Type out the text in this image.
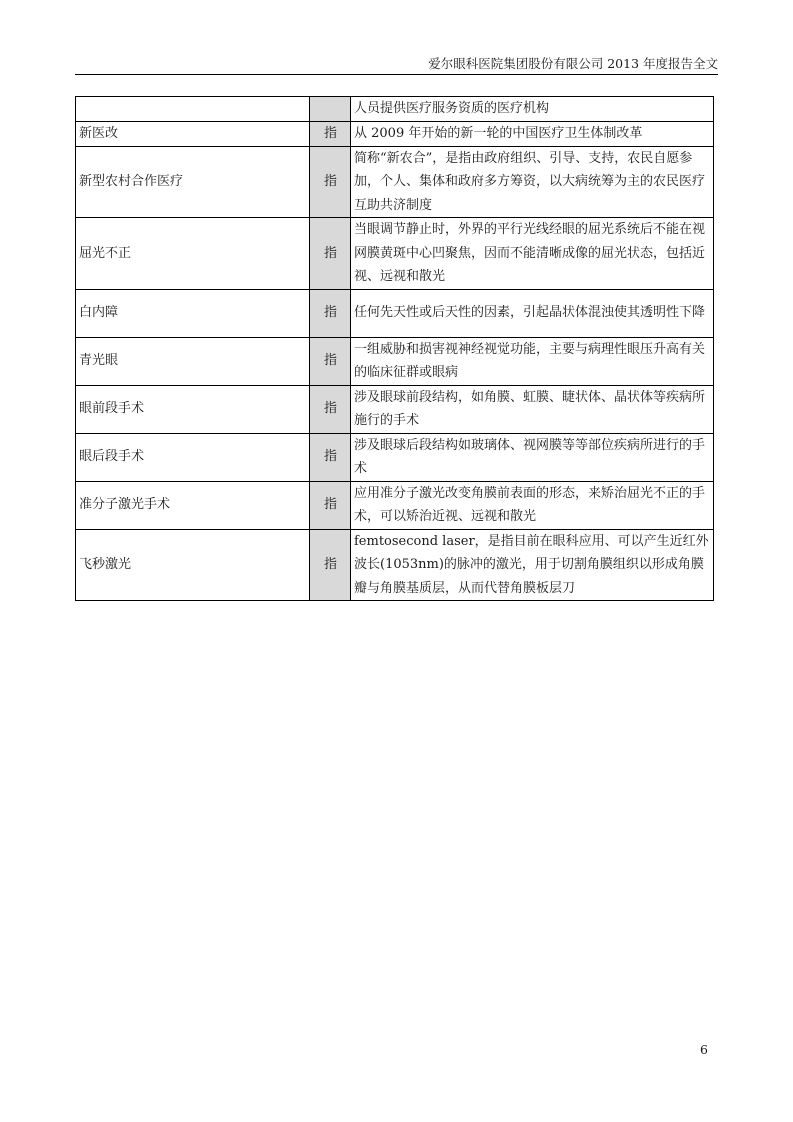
爱尔眼科医院集团股份有限公司 2013 年度报告全文
		人员提供医疗服务资质的医疗机构
新医改	指	从 2009 年开始的新一轮的中国医疗卫生体制改革
新型农村合作医疗	指	简称“新农合”，是指由政府组织、引导、支持，农民自愿参加，个人、集体和政府多方筹资，以大病统筹为主的农民医疗互助共济制度
屈光不正	指	当眼调节静止时，外界的平行光线经眼的屈光系统后不能在视网膜黄斑中心凹聚焦，因而不能清晰成像的屈光状态，包括近视、远视和散光
白内障	指	任何先天性或后天性的因素，引起晶状体混浊使其透明性下降
青光眼	指	一组威胁和损害视神经视觉功能，主要与病理性眼压升高有关的临床征群或眼病
眼前段手术	指	涉及眼球前段结构，如角膜、虹膜、睫状体、晶状体等疾病所施行的手术
眼后段手术	指	涉及眼球后段结构如玻璃体、视网膜等等部位疾病所进行的手术
准分子激光手术	指	应用准分子激光改变角膜前表面的形态，来矫治屈光不正的手术，可以矫治近视、远视和散光
飞秒激光	指	femtosecond laser，是指目前在眼科应用、可以产生近红外波长(1053nm)的脉冲的激光，用于切割角膜组织以形成角膜瓣与角膜基质层，从而代替角膜板层刀
6
